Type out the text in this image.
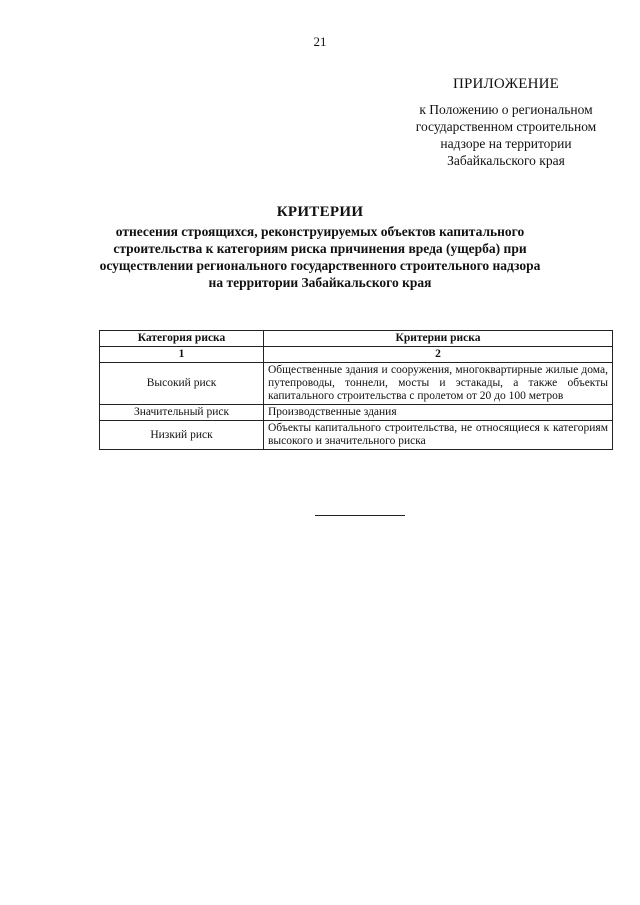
21
ПРИЛОЖЕНИЕ
к Положению о региональном
государственном строительном
надзоре на территории
Забайкальского края
КРИТЕРИИ
отнесения строящихся, реконструируемых объектов капитального
строительства к категориям риска причинения вреда (ущерба) при
осуществлении регионального государственного строительного надзора
на территории Забайкальского края
Категория риска	Критерии риска
1	2
Высокий риск	Общественные здания и сооружения, многоквартирные жилые дома, путепроводы, тоннели, мосты и эстакады, а также объекты капитального строительства с пролетом от 20 до 100 метров
Значительный риск	Производственные здания
Низкий риск	Объекты капитального строительства, не относящиеся к категориям высокого и значительного риска
